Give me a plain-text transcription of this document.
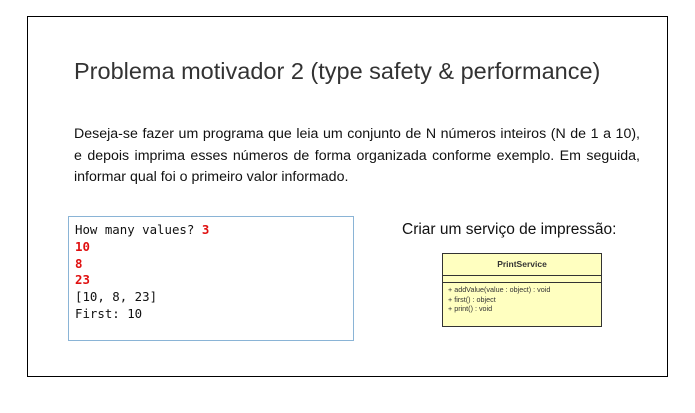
Problema motivador 2 (type safety & performance)

Deseja-se fazer um programa que leia um conjunto de N números inteiros (N de 1 a 10), e depois imprima esses números de forma organizada conforme exemplo. Em seguida, informar qual foi o primeiro valor informado.

How many values? 3
10
8
23
[10, 8, 23]
First: 10

Criar um serviço de impressão:

PrintService
+ addValue(value : object) : void
+ first() : object
+ print() : void
